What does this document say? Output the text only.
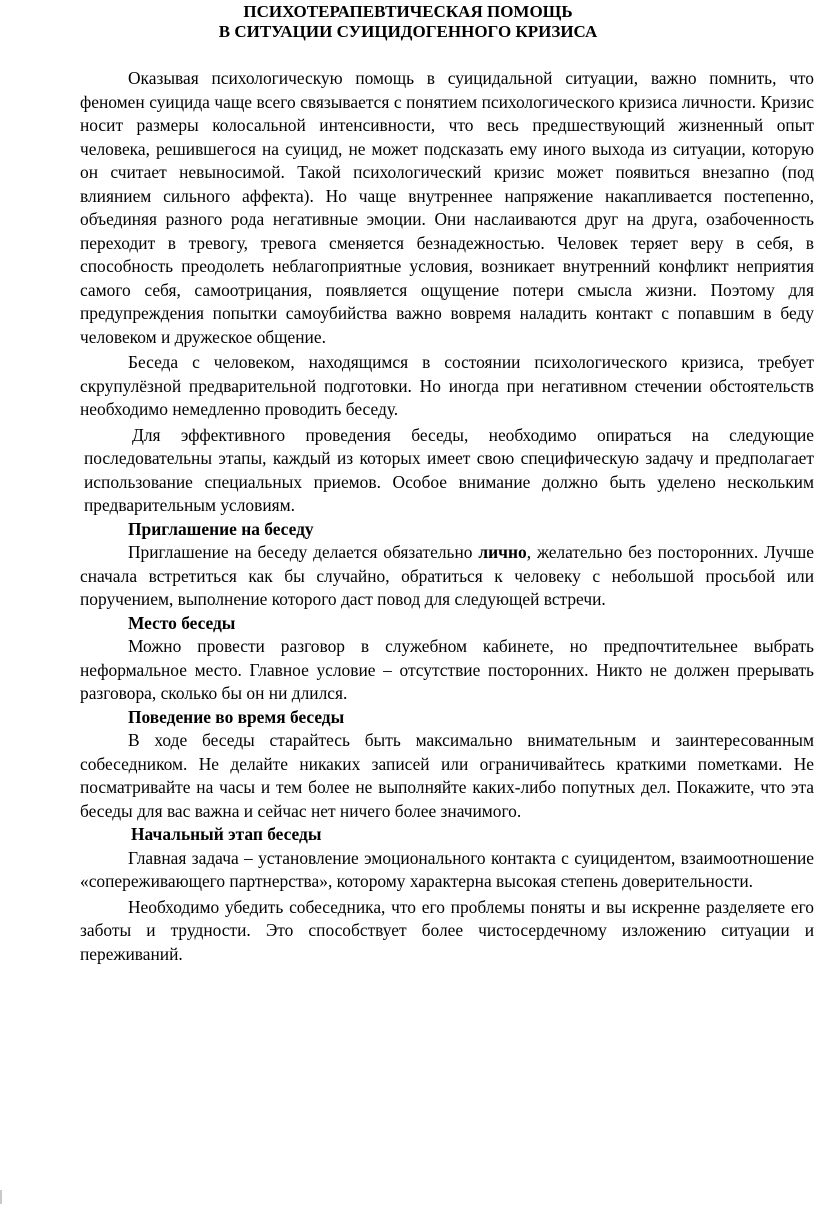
ПСИХОТЕРАПЕВТИЧЕСКАЯ ПОМОЩЬ
В СИТУАЦИИ СУИЦИДОГЕННОГО КРИЗИСА

Оказывая психологическую помощь в суицидальной ситуации, важно помнить, что феномен суицида чаще всего связывается с понятием психологического кризиса личности. Кризис носит размеры колосальной интенсивности, что весь предшествующий жизненный опыт человека, решившегося на суицид, не может подсказать ему иного выхода из ситуации, которую он считает невыносимой. Такой психологический кризис может появиться внезапно (под влиянием сильного аффекта). Но чаще внутреннее напряжение накапливается постепенно, объединяя разного рода негативные эмоции. Они наслаиваются друг на друга, озабоченность переходит в тревогу, тревога сменяется безнадежностью. Человек теряет веру в себя, в способность преодолеть неблагоприятные условия, возникает внутренний конфликт неприятия самого себя, самоотрицания, появляется ощущение потери смысла жизни. Поэтому для предупреждения попытки самоубийства важно вовремя наладить контакт с попавшим в беду человеком и дружеское общение.

Беседа с человеком, находящимся в состоянии психологического кризиса, требует скрупулёзной предварительной подготовки. Но иногда при негативном стечении обстоятельств необходимо немедленно проводить беседу.

Для эффективного проведения беседы, необходимо опираться на следующие последовательны этапы, каждый из которых имеет свою специфическую задачу и предполагает использование специальных приемов. Особое внимание должно быть уделено нескольким предварительным условиям.

Приглашение на беседу

Приглашение на беседу делается обязательно лично, желательно без посторонних. Лучше сначала встретиться как бы случайно, обратиться к человеку с небольшой просьбой или поручением, выполнение которого даст повод для следующей встречи.

Место беседы

Можно провести разговор в служебном кабинете, но предпочтительнее выбрать неформальное место. Главное условие – отсутствие посторонних. Никто не должен прерывать разговора, сколько бы он ни длился.

Поведение во время беседы

В ходе беседы старайтесь быть максимально внимательным и заинтересованным собеседником. Не делайте никаких записей или ограничивайтесь краткими пометками. Не посматривайте на часы и тем более не выполняйте каких-либо попутных дел. Покажите, что эта беседы для вас важна и сейчас нет ничего более значимого.

Начальный этап беседы

Главная задача – установление эмоционального контакта с суицидентом, взаимоотношение «сопереживающего партнерства», которому характерна высокая степень доверительности.

Необходимо убедить собеседника, что его проблемы поняты и вы искренне разделяете его заботы и трудности. Это способствует более чистосердечному изложению ситуации и переживаний.
